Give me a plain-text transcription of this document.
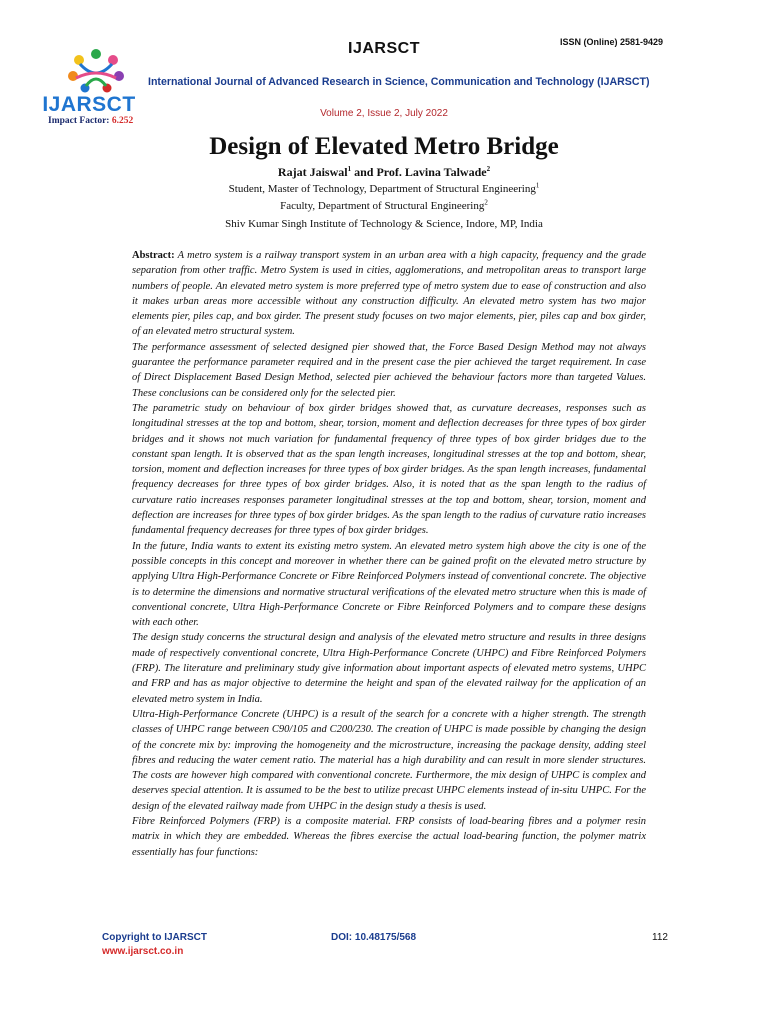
IJARSCT
Impact Factor: 6.252
IJARSCT	ISSN (Online) 2581-9429
International Journal of Advanced Research in Science, Communication and Technology (IJARSCT)
Volume 2, Issue 2, July 2022
Design of Elevated Metro Bridge
Rajat Jaiswal$^1$ and Prof. Lavina Talwade$^2$
Student, Master of Technology, Department of Structural Engineering$^1$
Faculty, Department of Structural Engineering$^2$
Shiv Kumar Singh Institute of Technology & Science, Indore, MP, India

Abstract: A metro system is a railway transport system in an urban area with a high capacity, frequency and the grade separation from other traffic. Metro System is used in cities, agglomerations, and metropolitan areas to transport large numbers of people. An elevated metro system is more preferred type of metro system due to ease of construction and also it makes urban areas more accessible without any construction difficulty. An elevated metro system has two major elements pier, piles cap, and box girder. The present study focuses on two major elements, pier, piles cap and box girder, of an elevated metro structural system.

The performance assessment of selected designed pier showed that, the Force Based Design Method may not always guarantee the performance parameter required and in the present case the pier achieved the target requirement. In case of Direct Displacement Based Design Method, selected pier achieved the behaviour factors more than targeted Values. These conclusions can be considered only for the selected pier.

The parametric study on behaviour of box girder bridges showed that, as curvature decreases, responses such as longitudinal stresses at the top and bottom, shear, torsion, moment and deflection decreases for three types of box girder bridges and it shows not much variation for fundamental frequency of three types of box girder bridges due to the constant span length. It is observed that as the span length increases, longitudinal stresses at the top and bottom, shear, torsion, moment and deflection increases for three types of box girder bridges. As the span length increases, fundamental frequency decreases for three types of box girder bridges. Also, it is noted that as the span length to the radius of curvature ratio increases responses parameter longitudinal stresses at the top and bottom, shear, torsion, moment and deflection are increases for three types of box girder bridges. As the span length to the radius of curvature ratio increases fundamental frequency decreases for three types of box girder bridges.

In the future, India wants to extent its existing metro system. An elevated metro system high above the city is one of the possible concepts in this concept and moreover in whether there can be gained profit on the elevated metro structure by applying Ultra High-Performance Concrete or Fibre Reinforced Polymers instead of conventional concrete. The objective is to determine the dimensions and normative structural verifications of the elevated metro structure when this is made of conventional concrete, Ultra High-Performance Concrete or Fibre Reinforced Polymers and to compare these designs with each other.

The design study concerns the structural design and analysis of the elevated metro structure and results in three designs made of respectively conventional concrete, Ultra High-Performance Concrete (UHPC) and Fibre Reinforced Polymers (FRP). The literature and preliminary study give information about important aspects of elevated metro systems, UHPC and FRP and has as major objective to determine the height and span of the elevated railway for the application of an elevated metro system in India.

Ultra-High-Performance Concrete (UHPC) is a result of the search for a concrete with a higher strength. The strength classes of UHPC range between C90/105 and C200/230. The creation of UHPC is made possible by changing the design of the concrete mix by: improving the homogeneity and the microstructure, increasing the package density, adding steel fibres and reducing the water cement ratio. The material has a high durability and can result in more slender structures. The costs are however high compared with conventional concrete. Furthermore, the mix design of UHPC is complex and deserves special attention. It is assumed to be the best to utilize precast UHPC elements instead of in-situ UHPC. For the design of the elevated railway made from UHPC in the design study a thesis is used.

Fibre Reinforced Polymers (FRP) is a composite material. FRP consists of load-bearing fibres and a polymer resin matrix in which they are embedded. Whereas the fibres exercise the actual load-bearing function, the polymer matrix essentially has four functions:

Copyright to IJARSCT
www.ijarsct.co.in
DOI: 10.48175/568	112
